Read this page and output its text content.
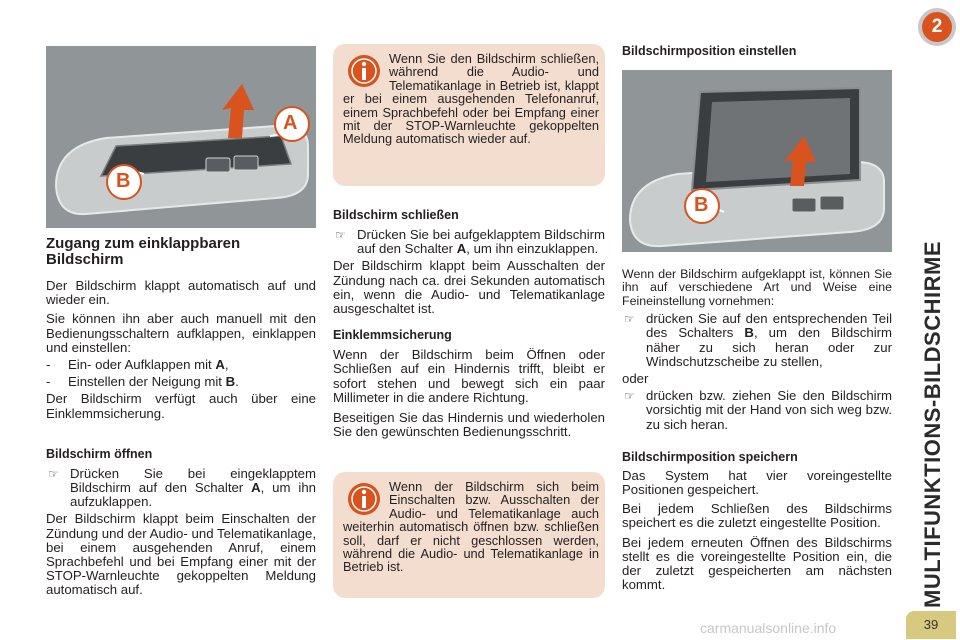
A
B

Zugang zum einklappbaren Bildschirm

Der Bildschirm klappt automatisch auf und wieder ein.

Sie können ihn aber auch manuell mit den Bedienungsschaltern aufklappen, einklappen und einstellen:

- Ein- oder Aufklappen mit A,

- Einstellen der Neigung mit B.

Der Bildschirm verfügt auch über eine Einklemmsicherung.

Bildschirm öffnen

☞ Drücken Sie bei eingeklapptem Bildschirm auf den Schalter A, um ihn aufzuklappen.

Der Bildschirm klappt beim Einschalten der Zündung und der Audio- und Telematikanlage, bei einem ausgehenden Anruf, einem Sprachbefehl und bei Empfang einer mit der STOP-Warnleuchte gekoppelten Meldung automatisch auf.

Wenn Sie den Bildschirm schließen, während die Audio- und Telematikanlage in Betrieb ist, klappt er bei einem ausgehenden Telefonanruf, einem Sprachbefehl oder bei Empfang einer mit der STOP-Warnleuchte gekoppelten Meldung automatisch wieder auf.

Bildschirm schließen

☞ Drücken Sie bei aufgeklapptem Bildschirm auf den Schalter A, um ihn einzuklappen.

Der Bildschirm klappt beim Ausschalten der Zündung nach ca. drei Sekunden automatisch ein, wenn die Audio- und Telematikanlage ausgeschaltet ist.

Einklemmsicherung

Wenn der Bildschirm beim Öffnen oder Schließen auf ein Hindernis trifft, bleibt er sofort stehen und bewegt sich ein paar Millimeter in die andere Richtung.

Beseitigen Sie das Hindernis und wiederholen Sie den gewünschten Bedienungsschritt.

Wenn der Bildschirm sich beim Einschalten bzw. Ausschalten der Audio- und Telematikanlage auch weiterhin automatisch öffnen bzw. schließen soll, darf er nicht geschlossen werden, während die Audio- und Telematikanlage in Betrieb ist.

Bildschirmposition einstellen

B

Wenn der Bildschirm aufgeklappt ist, können Sie ihn auf verschiedene Art und Weise eine Feineinstellung vornehmen:

☞ drücken Sie auf den entsprechenden Teil des Schalters B, um den Bildschirm näher zu sich heran oder zur Windschutzscheibe zu stellen,

oder

☞ drücken bzw. ziehen Sie den Bildschirm vorsichtig mit der Hand von sich weg bzw. zu sich heran.

Bildschirmposition speichern

Das System hat vier voreingestellte Positionen gespeichert.

Bei jedem Schließen des Bildschirms speichert es die zuletzt eingestellte Position.

Bei jedem erneuten Öffnen des Bildschirms stellt es die voreingestellte Position ein, die der zuletzt gespeicherten am nächsten kommt.

2
MULTIFUNKTIONS-BILDSCHIRME
39
carmanualsonline.info
